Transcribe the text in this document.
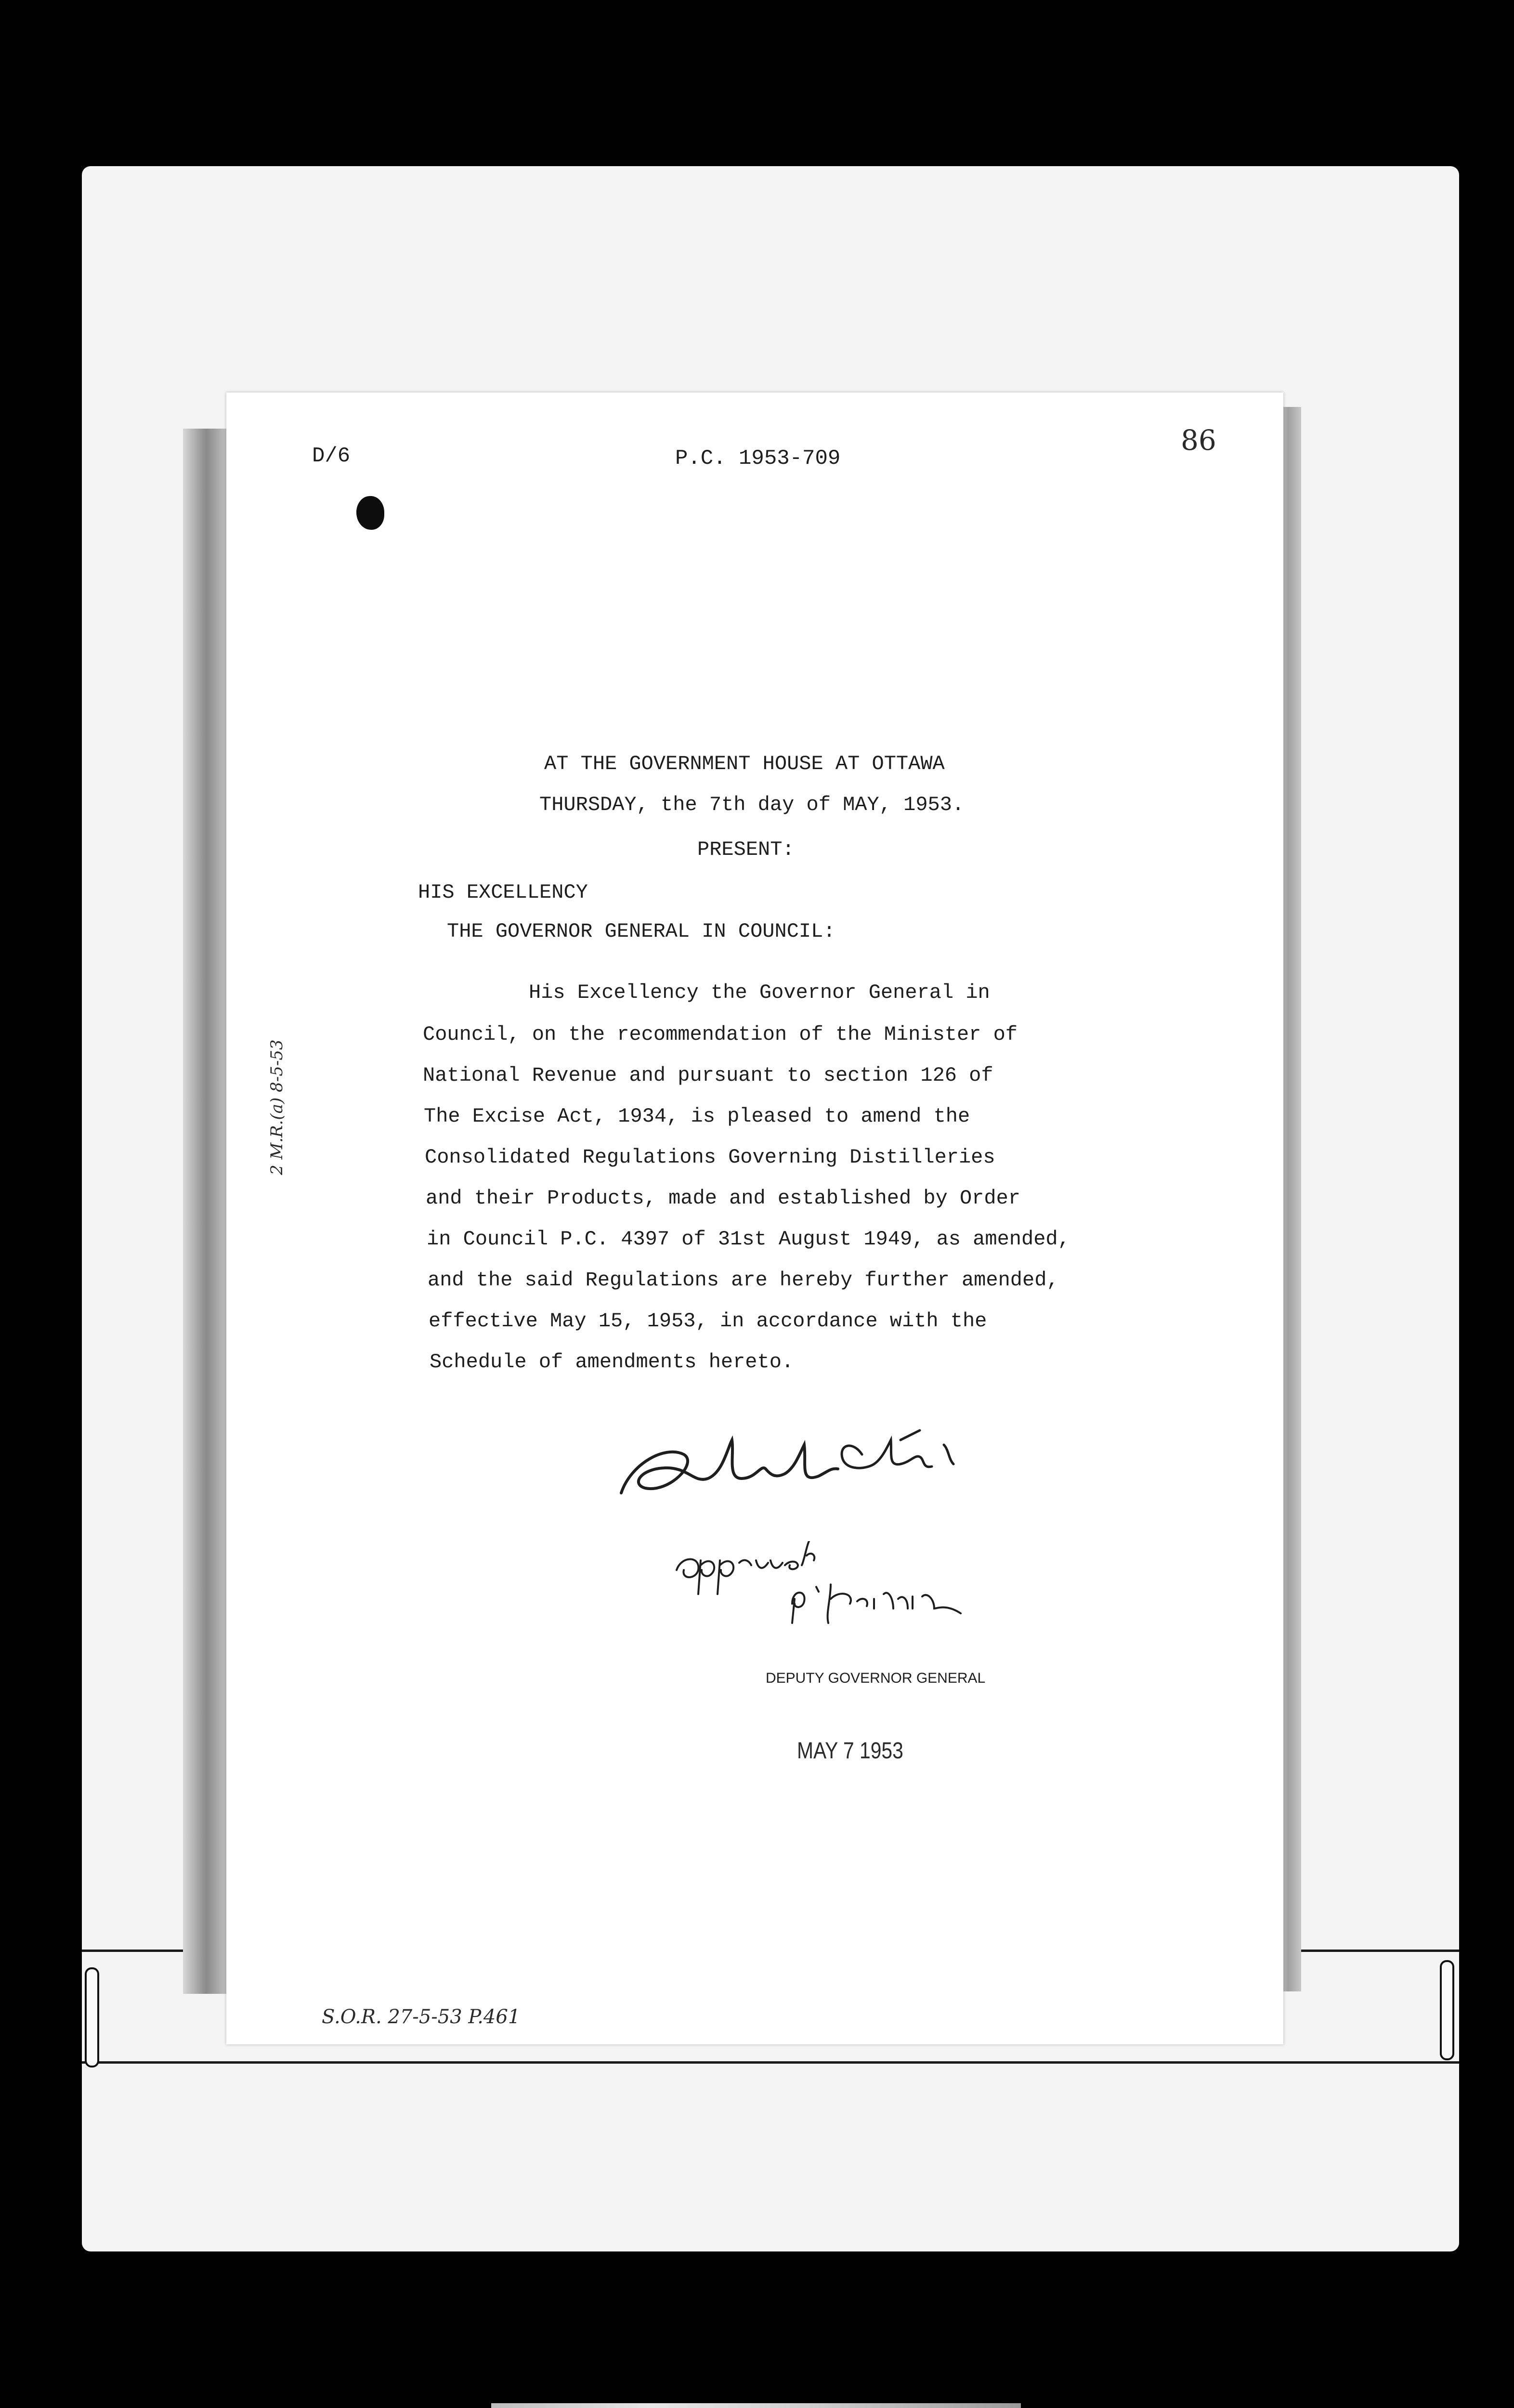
D/6	P.C. 1953-709
86
AT THE GOVERNMENT HOUSE AT OTTAWA
THURSDAY, the 7th day of MAY, 1953.
PRESENT:
HIS EXCELLENCY
THE GOVERNOR GENERAL IN COUNCIL:
His Excellency the Governor General in
Council, on the recommendation of the Minister of
National Revenue and pursuant to section 126 of
The Excise Act, 1934, is pleased to amend the
Consolidated Regulations Governing Distilleries
and their Products, made and established by Order
in Council P.C. 4397 of 31st August 1949, as amended,
and the said Regulations are hereby further amended,
effective May 15, 1953, in accordance with the
Schedule of amendments hereto.
DEPUTY GOVERNOR GENERAL
MAY 7 1953
2 M.R.(a) 8-5-53
S.O.R. 27-5-53 P.461
